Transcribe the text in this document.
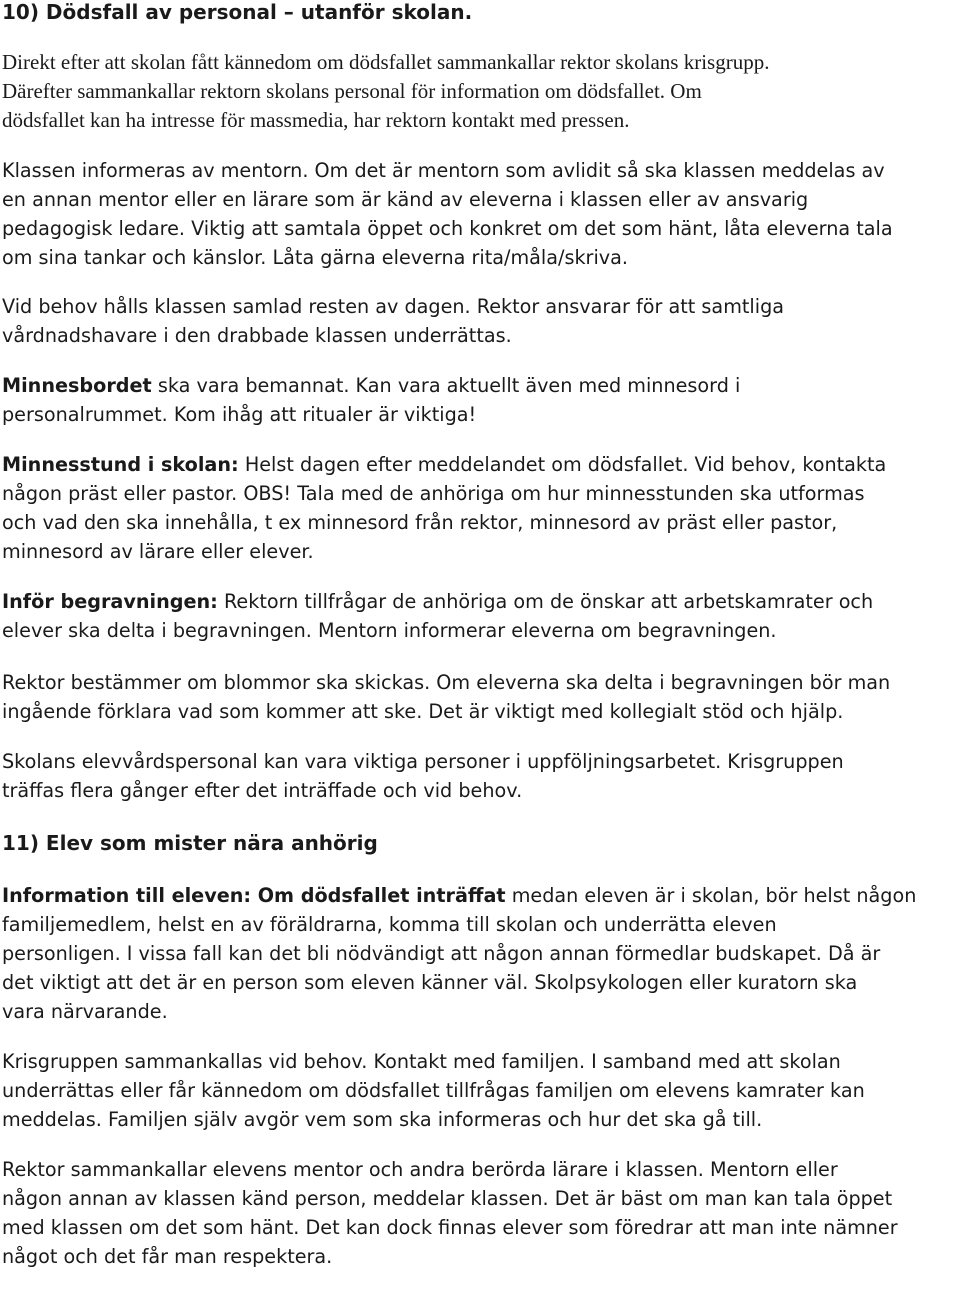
10) Dödsfall av personal – utanför skolan.

Direkt efter att skolan fått kännedom om dödsfallet sammankallar rektor skolans krisgrupp.
Därefter sammankallar rektorn skolans personal för information om dödsfallet. Om
dödsfallet kan ha intresse för massmedia, har rektorn kontakt med pressen.

Klassen informeras av mentorn. Om det är mentorn som avlidit så ska klassen meddelas av
en annan mentor eller en lärare som är känd av eleverna i klassen eller av ansvarig
pedagogisk ledare. Viktig att samtala öppet och konkret om det som hänt, låta eleverna tala
om sina tankar och känslor. Låta gärna eleverna rita/måla/skriva.

Vid behov hålls klassen samlad resten av dagen. Rektor ansvarar för att samtliga
vårdnadshavare i den drabbade klassen underrättas.

Minnesbordet ska vara bemannat. Kan vara aktuellt även med minnesord i
personalrummet. Kom ihåg att ritualer är viktiga!

Minnesstund i skolan: Helst dagen efter meddelandet om dödsfallet. Vid behov, kontakta
någon präst eller pastor. OBS! Tala med de anhöriga om hur minnesstunden ska utformas
och vad den ska innehålla, t ex minnesord från rektor, minnesord av präst eller pastor,
minnesord av lärare eller elever.

Inför begravningen: Rektorn tillfrågar de anhöriga om de önskar att arbetskamrater och
elever ska delta i begravningen. Mentorn informerar eleverna om begravningen.

Rektor bestämmer om blommor ska skickas. Om eleverna ska delta i begravningen bör man
ingående förklara vad som kommer att ske. Det är viktigt med kollegialt stöd och hjälp.

Skolans elevvårdspersonal kan vara viktiga personer i uppföljningsarbetet. Krisgruppen
träffas flera gånger efter det inträffade och vid behov.

11) Elev som mister nära anhörig

Information till eleven: Om dödsfallet inträffat medan eleven är i skolan, bör helst någon
familjemedlem, helst en av föräldrarna, komma till skolan och underrätta eleven
personligen. I vissa fall kan det bli nödvändigt att någon annan förmedlar budskapet. Då är
det viktigt att det är en person som eleven känner väl. Skolpsykologen eller kuratorn ska
vara närvarande.

Krisgruppen sammankallas vid behov. Kontakt med familjen. I samband med att skolan
underrättas eller får kännedom om dödsfallet tillfrågas familjen om elevens kamrater kan
meddelas. Familjen själv avgör vem som ska informeras och hur det ska gå till.

Rektor sammankallar elevens mentor och andra berörda lärare i klassen. Mentorn eller
någon annan av klassen känd person, meddelar klassen. Det är bäst om man kan tala öppet
med klassen om det som hänt. Det kan dock finnas elever som föredrar att man inte nämner
något och det får man respektera.
